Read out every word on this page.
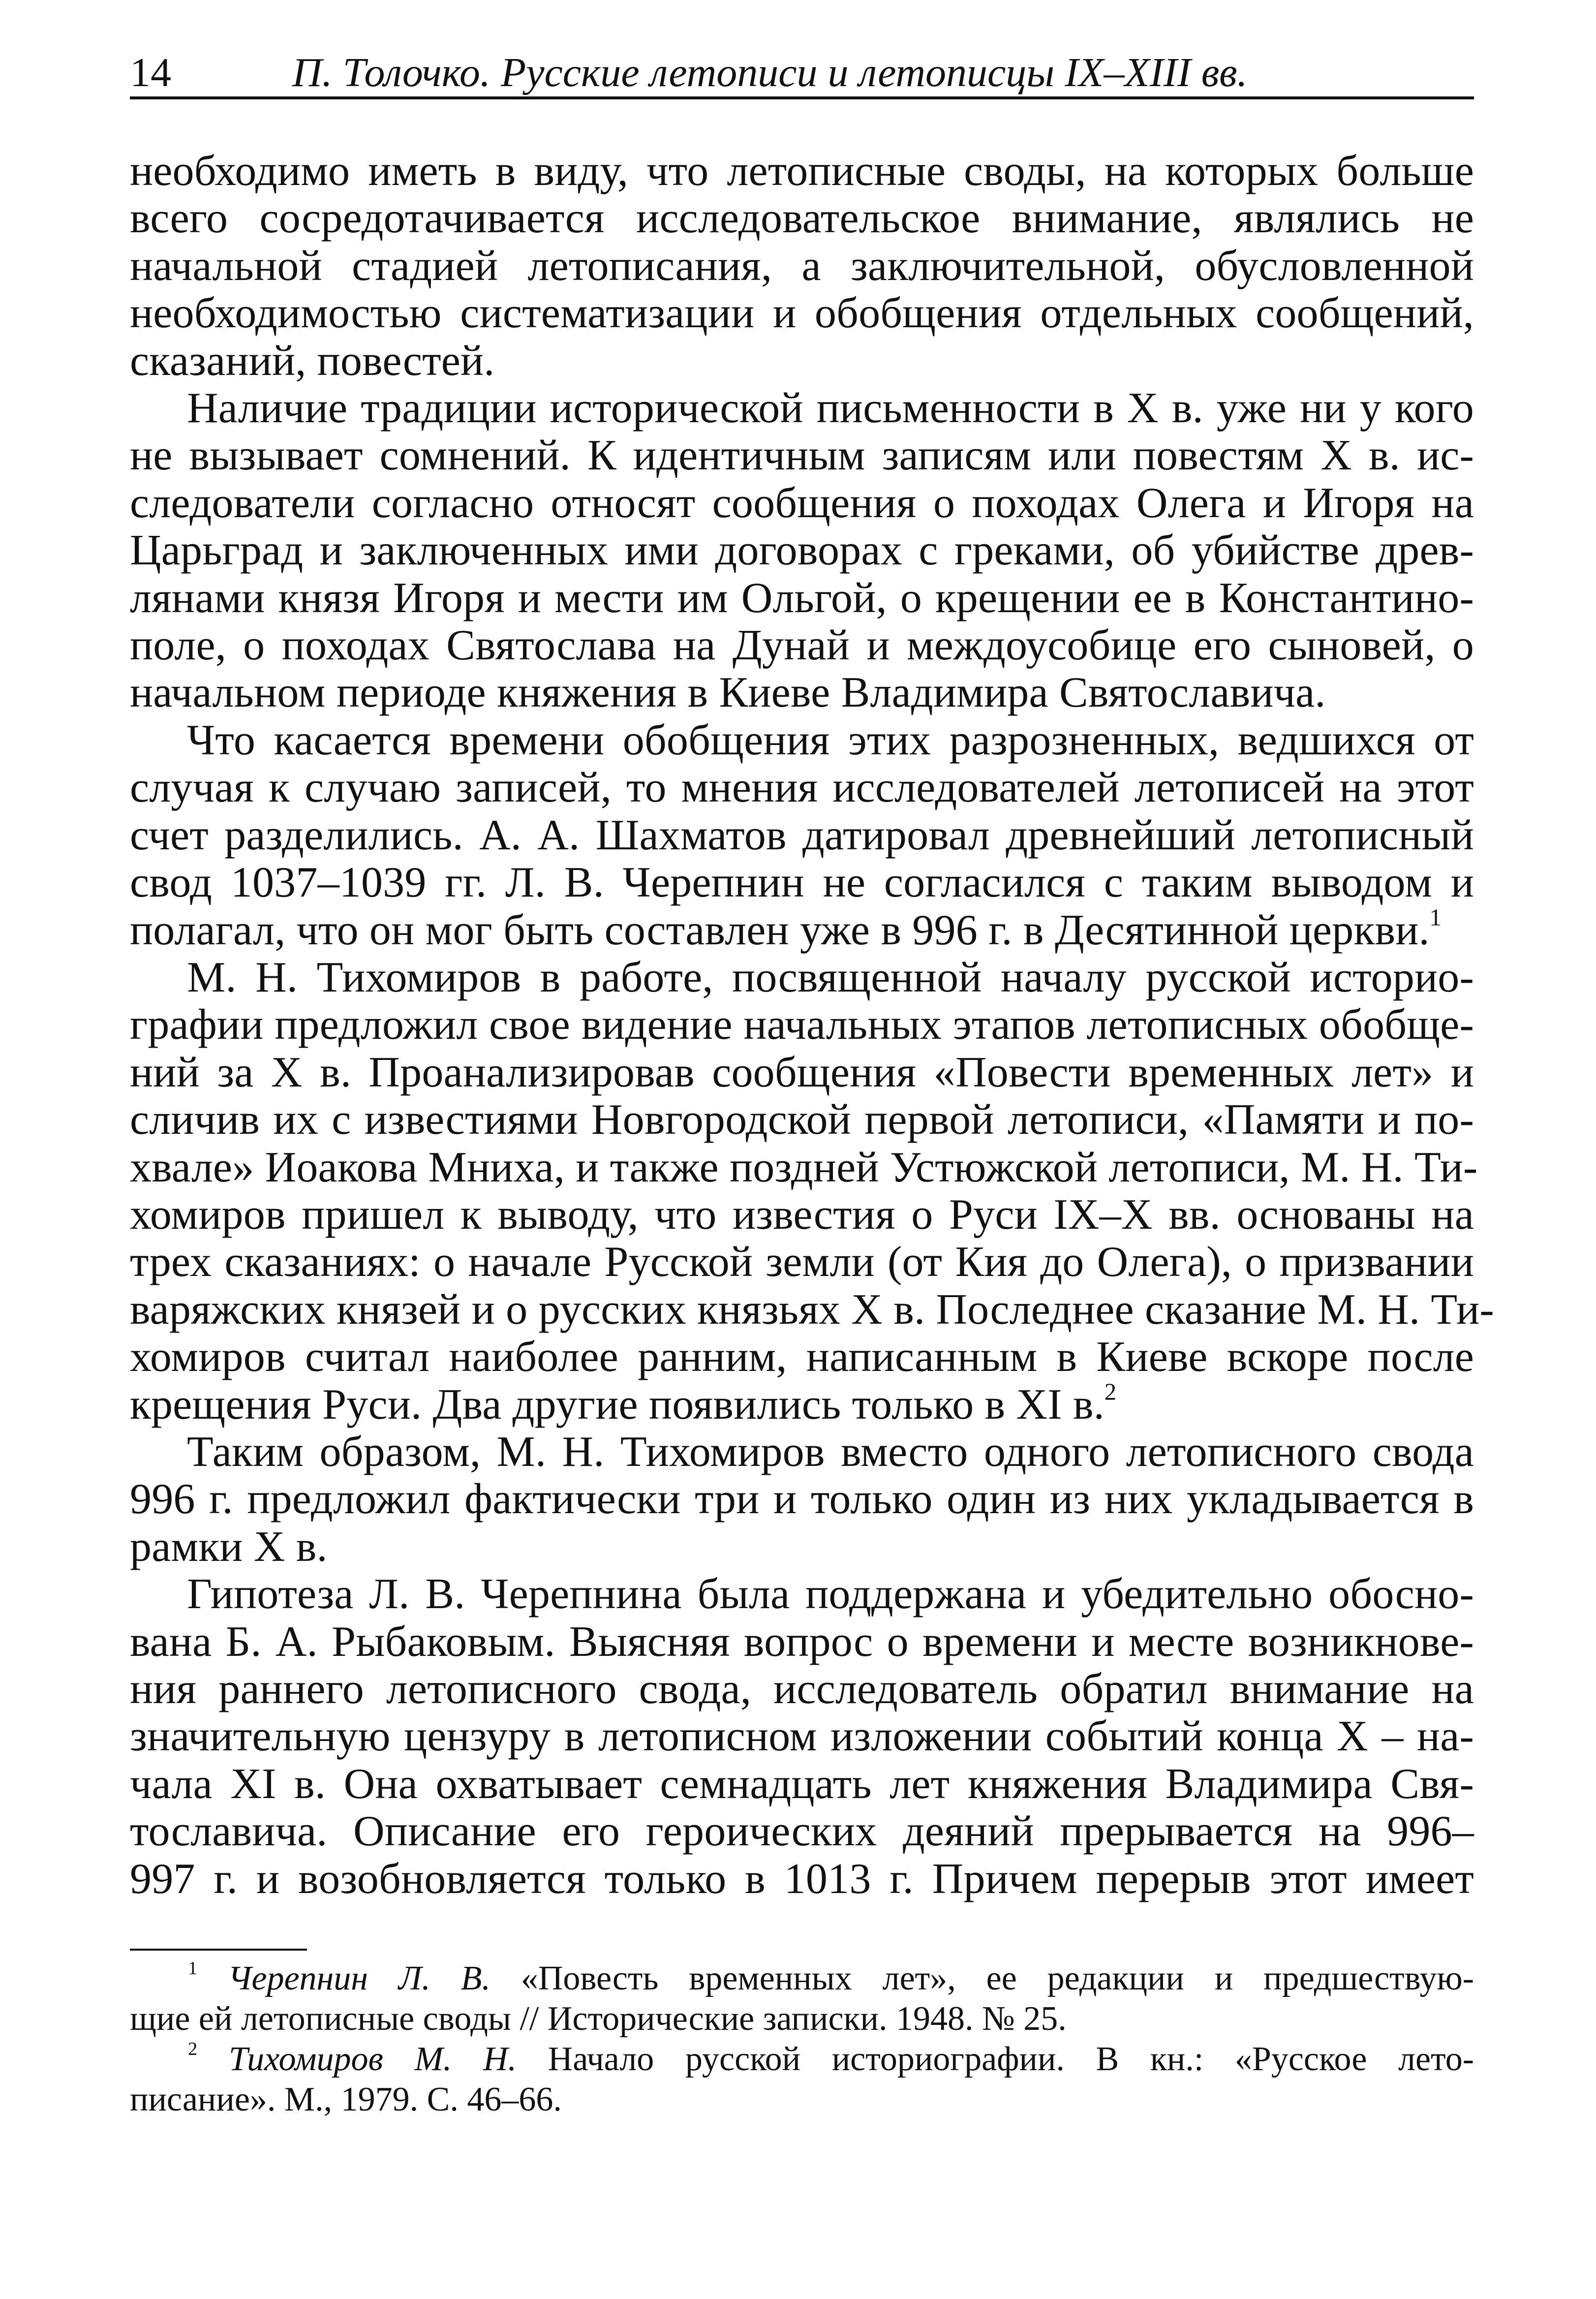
14	П. Толочко. Русские летописи и летописцы IX–XIII вв.

необходимо иметь в виду, что летописные своды, на которых больше
всего сосредотачивается исследовательское внимание, являлись не
начальной стадией летописания, а заключительной, обусловленной
необходимостью систематизации и обобщения отдельных сообщений,
сказаний, повестей.

Наличие традиции исторической письменности в X в. уже ни у кого
не вызывает сомнений. К идентичным записям или повестям X в. ис-
следователи согласно относят сообщения о походах Олега и Игоря на
Царьград и заключенных ими договорах с греками, об убийстве древ-
лянами князя Игоря и мести им Ольгой, о крещении ее в Константино-
поле, о походах Святослава на Дунай и междоусобице его сыновей, о
начальном периоде княжения в Киеве Владимира Святославича.

Что касается времени обобщения этих разрозненных, ведшихся от
случая к случаю записей, то мнения исследователей летописей на этот
счет разделились. А. А. Шахматов датировал древнейший летописный
свод 1037–1039 гг. Л. В. Черепнин не согласился с таким выводом и
полагал, что он мог быть составлен уже в 996 г. в Десятинной церкви.$^1$

М. Н. Тихомиров в работе, посвященной началу русской историо-
графии предложил свое видение начальных этапов летописных обобще-
ний за X в. Проанализировав сообщения «Повести временных лет» и
сличив их с известиями Новгородской первой летописи, «Памяти и по-
хвале» Иоакова Мниха, и также поздней Устюжской летописи, М. Н. Ти-
хомиров пришел к выводу, что известия о Руси IX–X вв. основаны на
трех сказаниях: о начале Русской земли (от Кия до Олега), о призвании
варяжских князей и о русских князьях X в. Последнее сказание М. Н. Ти-
хомиров считал наиболее ранним, написанным в Киеве вскоре после
крещения Руси. Два другие появились только в XI в.$^2$

Таким образом, М. Н. Тихомиров вместо одного летописного свода
996 г. предложил фактически три и только один из них укладывается в
рамки X в.

Гипотеза Л. В. Черепнина была поддержана и убедительно обосно-
вана Б. А. Рыбаковым. Выясняя вопрос о времени и месте возникнове-
ния раннего летописного свода, исследователь обратил внимание на
значительную цензуру в летописном изложении событий конца X – на-
чала XI в. Она охватывает семнадцать лет княжения Владимира Свя-
тославича. Описание его героических деяний прерывается на 996–
997 г. и возобновляется только в 1013 г. Причем перерыв этот имеет

$^1$ Черепнин Л. В. «Повесть временных лет», ее редакции и предшествую-
щие ей летописные своды // Исторические записки. 1948. № 25.

$^2$ Тихомиров М. Н. Начало русской историографии. В кн.: «Русское лето-
писание». М., 1979. С. 46–66.
